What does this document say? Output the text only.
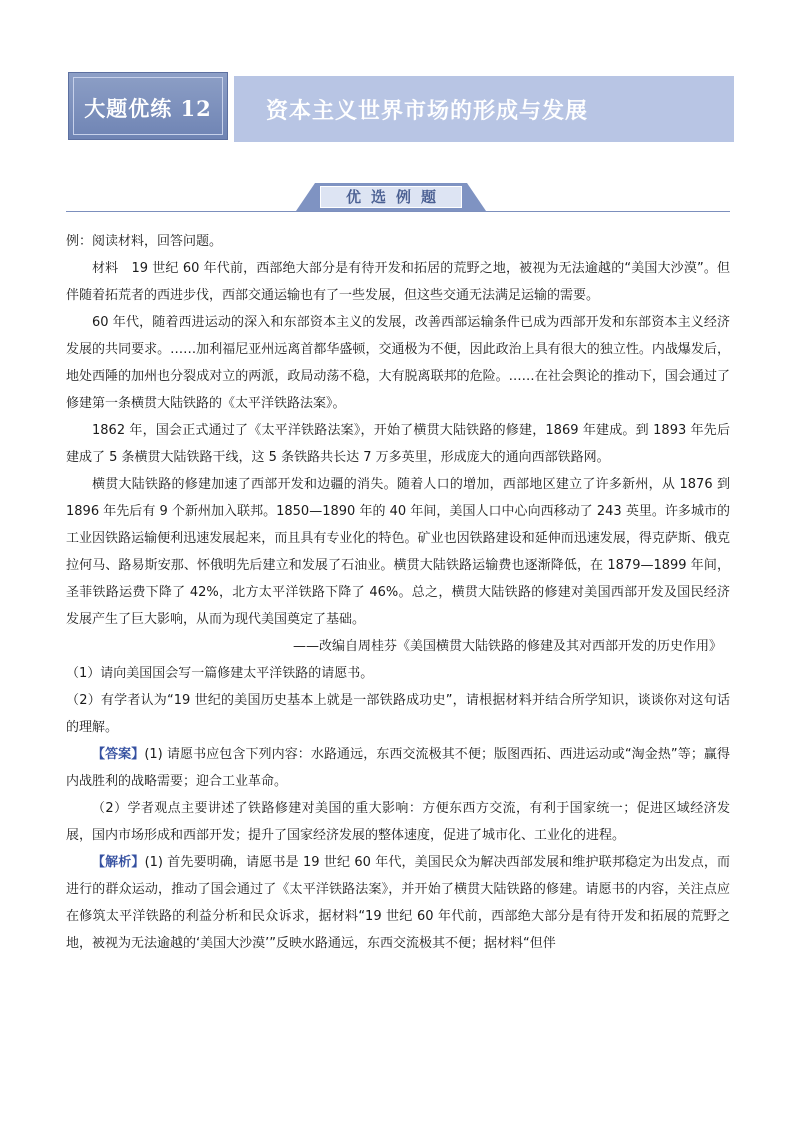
资本主义世界市场的形成与发展
大题优练 12
优选例题

例：阅读材料，回答问题。

材料　19 世纪 60 年代前，西部绝大部分是有待开发和拓居的荒野之地，被视为无法逾越的“美国大沙漠”。但伴随着拓荒者的西进步伐，西部交通运输也有了一些发展，但这些交通无法满足运输的需要。

60 年代，随着西进运动的深入和东部资本主义的发展，改善西部运输条件已成为西部开发和东部资本主义经济发展的共同要求。……加利福尼亚州远离首都华盛顿，交通极为不便，因此政治上具有很大的独立性。内战爆发后，地处西陲的加州也分裂成对立的两派，政局动荡不稳，大有脱离联邦的危险。……在社会舆论的推动下，国会通过了修建第一条横贯大陆铁路的《太平洋铁路法案》。

1862 年，国会正式通过了《太平洋铁路法案》，开始了横贯大陆铁路的修建，1869 年建成。到 1893 年先后建成了 5 条横贯大陆铁路干线，这 5 条铁路共长达 7 万多英里，形成庞大的通向西部铁路网。

横贯大陆铁路的修建加速了西部开发和边疆的消失。随着人口的增加，西部地区建立了许多新州，从 1876 到 1896 年先后有 9 个新州加入联邦。1850—1890 年的 40 年间，美国人口中心向西移动了 243 英里。许多城市的工业因铁路运输便利迅速发展起来，而且具有专业化的特色。矿业也因铁路建设和延伸而迅速发展，得克萨斯、俄克拉何马、路易斯安那、怀俄明先后建立和发展了石油业。横贯大陆铁路运输费也逐渐降低，在 1879—1899 年间，圣菲铁路运费下降了 42%，北方太平洋铁路下降了 46%。总之，横贯大陆铁路的修建对美国西部开发及国民经济发展产生了巨大影响，从而为现代美国奠定了基础。

——改编自周桂芬《美国横贯大陆铁路的修建及其对西部开发的历史作用》

（1）请向美国国会写一篇修建太平洋铁路的请愿书。

（2）有学者认为“19 世纪的美国历史基本上就是一部铁路成功史”，请根据材料并结合所学知识，谈谈你对这句话的理解。

【答案】(1) 请愿书应包含下列内容：水路通远，东西交流极其不便；版图西拓、西进运动或“淘金热”等；赢得内战胜利的战略需要；迎合工业革命。

（2）学者观点主要讲述了铁路修建对美国的重大影响：方便东西方交流，有利于国家统一；促进区域经济发展，国内市场形成和西部开发；提升了国家经济发展的整体速度，促进了城市化、工业化的进程。

【解析】(1) 首先要明确，请愿书是 19 世纪 60 年代，美国民众为解决西部发展和维护联邦稳定为出发点，而进行的群众运动，推动了国会通过了《太平洋铁路法案》，并开始了横贯大陆铁路的修建。请愿书的内容，关注点应在修筑太平洋铁路的利益分析和民众诉求，据材料“19 世纪 60 年代前，西部绝大部分是有待开发和拓展的荒野之地，被视为无法逾越的‘美国大沙漠’”反映水路通远，东西交流极其不便；据材料“但伴
